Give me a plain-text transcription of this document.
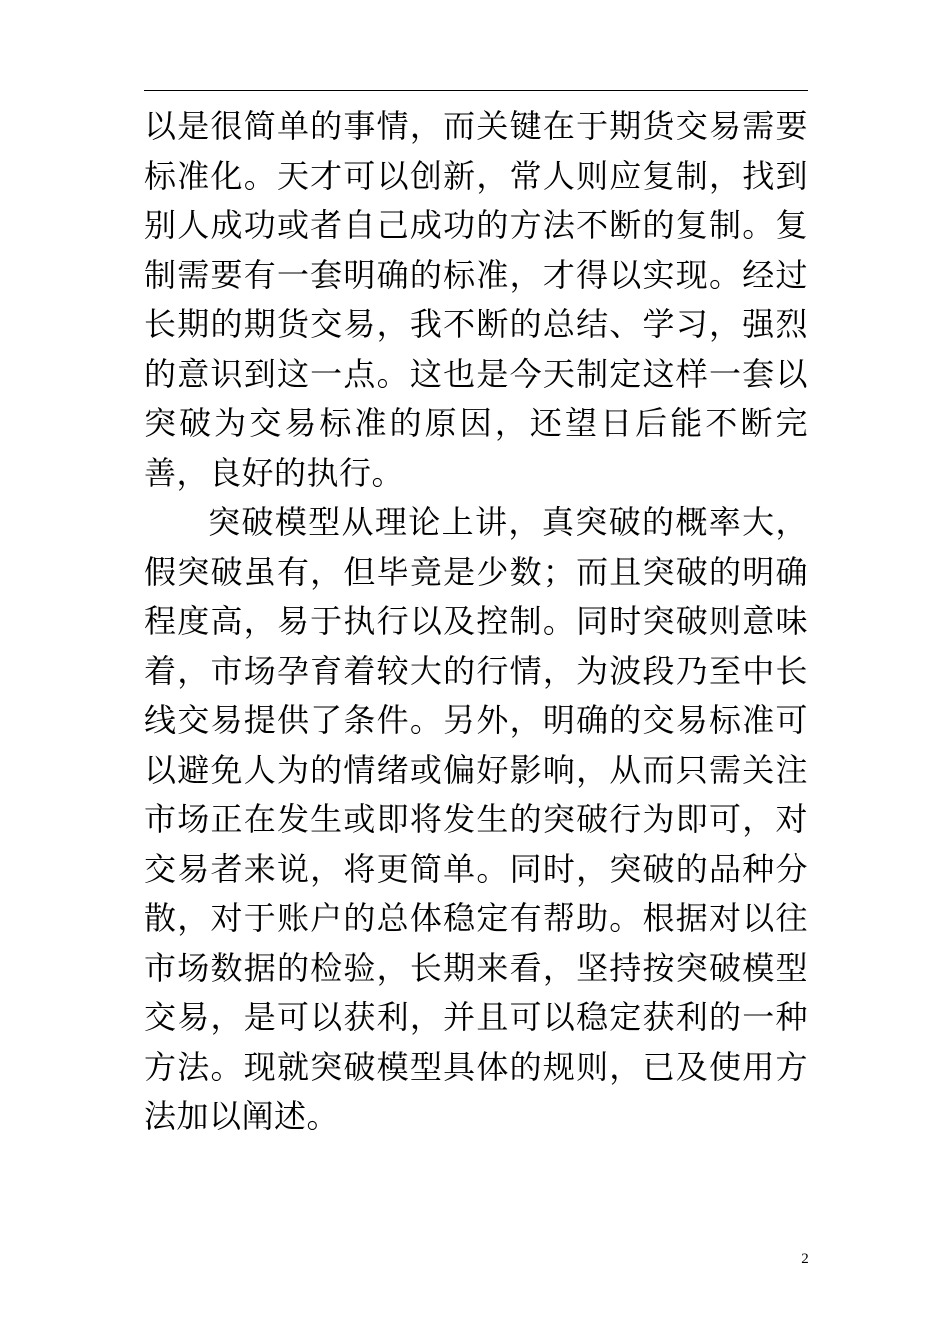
以是很简单的事情，而关键在于期货交易需要标准化。天才可以创新，常人则应复制，找到别人成功或者自己成功的方法不断的复制。复制需要有一套明确的标准，才得以实现。经过长期的期货交易，我不断的总结、学习，强烈的意识到这一点。这也是今天制定这样一套以突破为交易标准的原因，还望日后能不断完善，良好的执行。

突破模型从理论上讲，真突破的概率大，假突破虽有，但毕竟是少数；而且突破的明确程度高，易于执行以及控制。同时突破则意味着，市场孕育着较大的行情，为波段乃至中长线交易提供了条件。另外，明确的交易标准可以避免人为的情绪或偏好影响，从而只需关注市场正在发生或即将发生的突破行为即可，对交易者来说，将更简单。同时，突破的品种分散，对于账户的总体稳定有帮助。根据对以往市场数据的检验，长期来看，坚持按突破模型交易，是可以获利，并且可以稳定获利的一种方法。现就突破模型具体的规则，已及使用方法加以阐述。

2
